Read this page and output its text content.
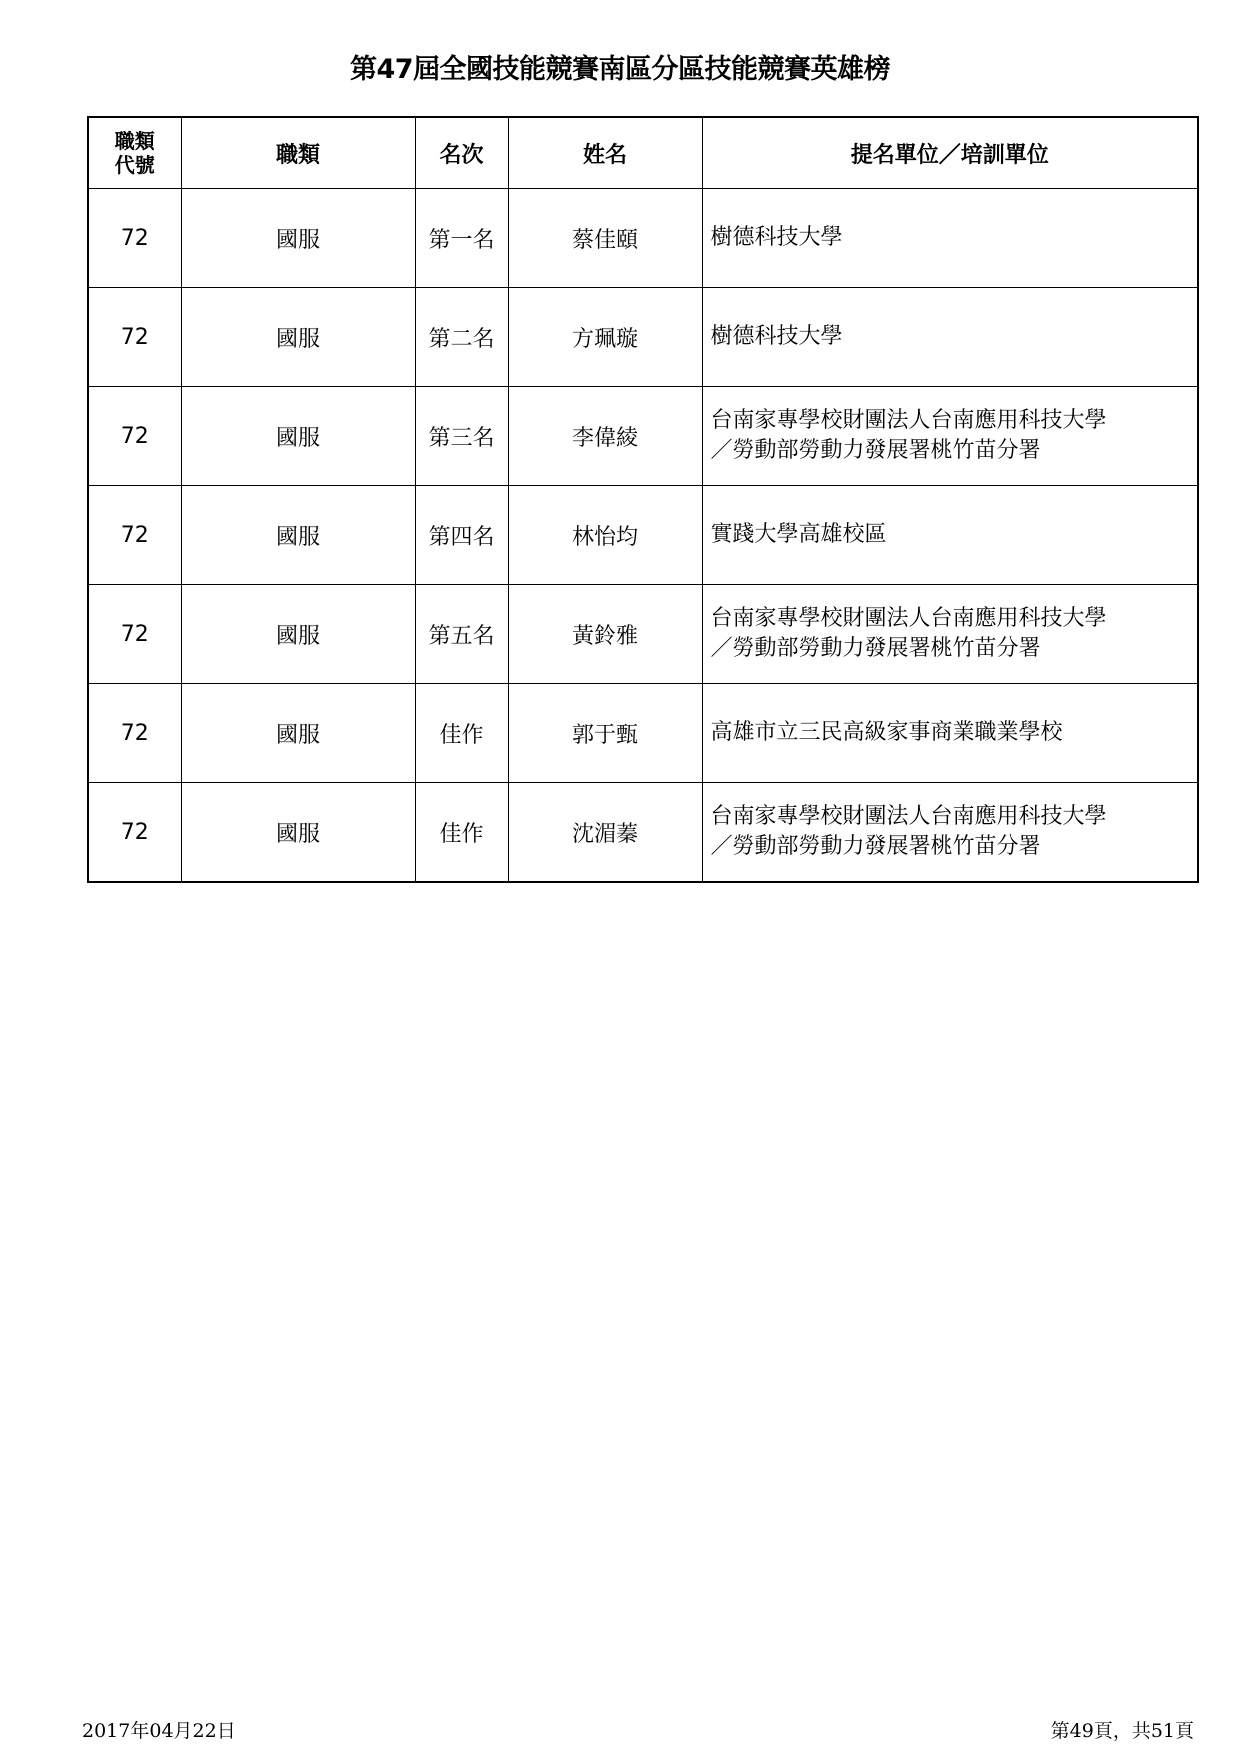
第47屆全國技能競賽南區分區技能競賽英雄榜
職類
代號	職類	名次	姓名	提名單位／培訓單位
72	國服	第一名	蔡佳頤	樹德科技大學

72	國服	第二名	方珮璇	樹德科技大學

72	國服	第三名	李偉綾	台南家專學校財團法人台南應用科技大學
／勞動部勞動力發展署桃竹苗分署

72	國服	第四名	林怡均	實踐大學高雄校區

72	國服	第五名	黃鈴雅	台南家專學校財團法人台南應用科技大學
／勞動部勞動力發展署桃竹苗分署

72	國服	佳作	郭于甄	高雄市立三民高級家事商業職業學校

72	國服	佳作	沈湄蓁	台南家專學校財團法人台南應用科技大學
／勞動部勞動力發展署桃竹苗分署
2017年04月22日	第49頁，共51頁
